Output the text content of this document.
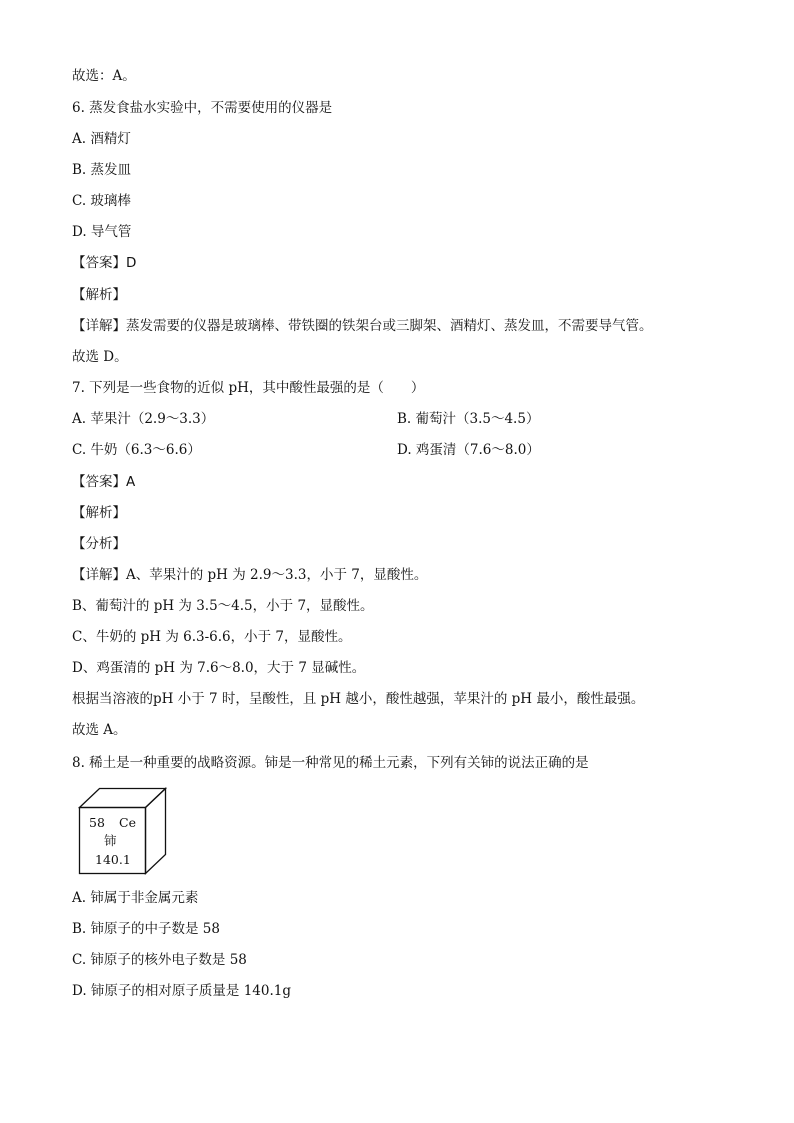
故选：A。
6. 蒸发食盐水实验中，不需要使用的仪器是
A. 酒精灯
B. 蒸发皿
C. 玻璃棒
D. 导气管
【答案】D
【解析】
【详解】蒸发需要的仪器是玻璃棒、带铁圈的铁架台或三脚架、酒精灯、蒸发皿，不需要导气管。
故选 D。
7. 下列是一些食物的近似 pH，其中酸性最强的是（　　）
A. 苹果汁（2.9～3.3）	B. 葡萄汁（3.5～4.5）
C. 牛奶（6.3～6.6）	D. 鸡蛋清（7.6～8.0）
【答案】A
【解析】
【分析】
【详解】A、苹果汁的 pH 为 2.9～3.3，小于 7，显酸性。
B、葡萄汁的 pH 为 3.5～4.5，小于 7，显酸性。
C、牛奶的 pH 为 6.3-6.6，小于 7，显酸性。
D、鸡蛋清的 pH 为 7.6～8.0，大于 7 显碱性。
根据当溶液的pH 小于 7 时，呈酸性，且 pH 越小，酸性越强，苹果汁的 pH 最小，酸性最强。
故选 A。
8. 稀土是一种重要的战略资源。铈是一种常见的稀土元素，下列有关铈的说法正确的是
58 Ce
铈
140.1
A. 铈属于非金属元素
B. 铈原子的中子数是 58
C. 铈原子的核外电子数是 58
D. 铈原子的相对原子质量是 140.1g
